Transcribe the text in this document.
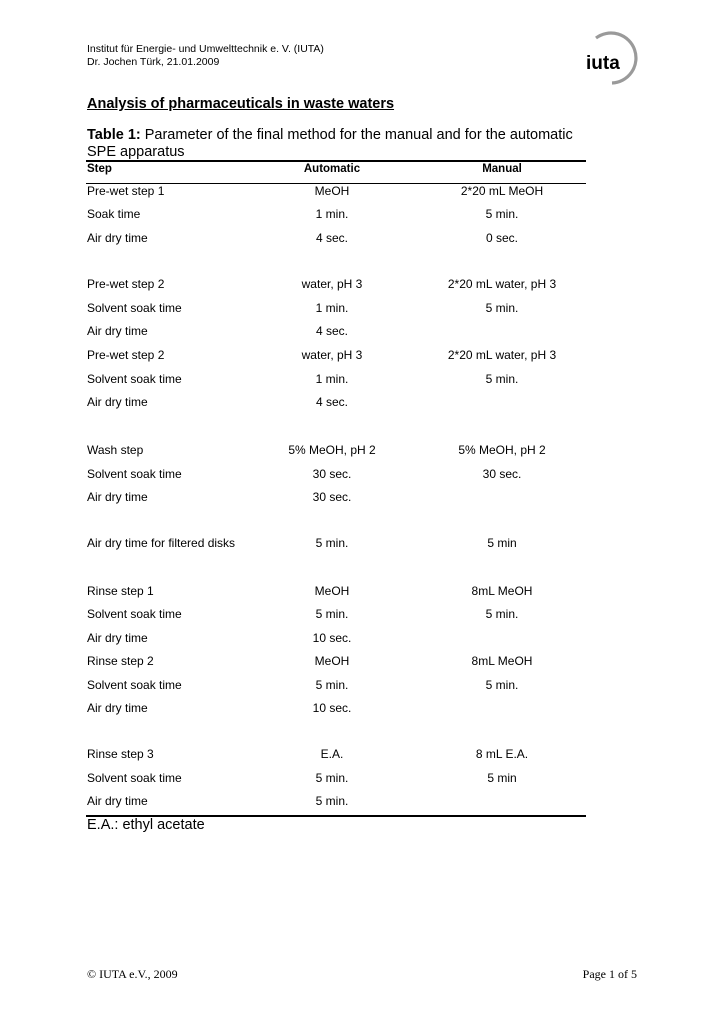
Institut für Energie- und Umwelttechnik e. V. (IUTA)
Dr. Jochen Türk, 21.01.2009	iuta
Analysis of pharmaceuticals in waste waters
Table 1: Parameter of the final method for the manual and for the automatic SPE apparatus
Step	Automatic	Manual
Pre-wet step 1	MeOH	2*20 mL MeOH
Soak time	1 min.	5 min.
Air dry time	4 sec.	0 sec.
Pre-wet step 2	water, pH 3	2*20 mL water, pH 3
Solvent soak time	1 min.	5 min.
Air dry time	4 sec.
Pre-wet step 2	water, pH 3	2*20 mL water, pH 3
Solvent soak time	1 min.	5 min.
Air dry time	4 sec.
Wash step	5% MeOH, pH 2	5% MeOH, pH 2
Solvent soak time	30 sec.	30 sec.
Air dry time	30 sec.
Air dry time for filtered disks	5 min.	5 min
Rinse step 1	MeOH	8mL MeOH
Solvent soak time	5 min.	5 min.
Air dry time	10 sec.
Rinse step 2	MeOH	8mL MeOH
Solvent soak time	5 min.	5 min.
Air dry time	10 sec.
Rinse step 3	E.A.	8 mL E.A.
Solvent soak time	5 min.	5 min
Air dry time	5 min.
E.A.: ethyl acetate
© IUTA e.V., 2009	Page 1 of 5
